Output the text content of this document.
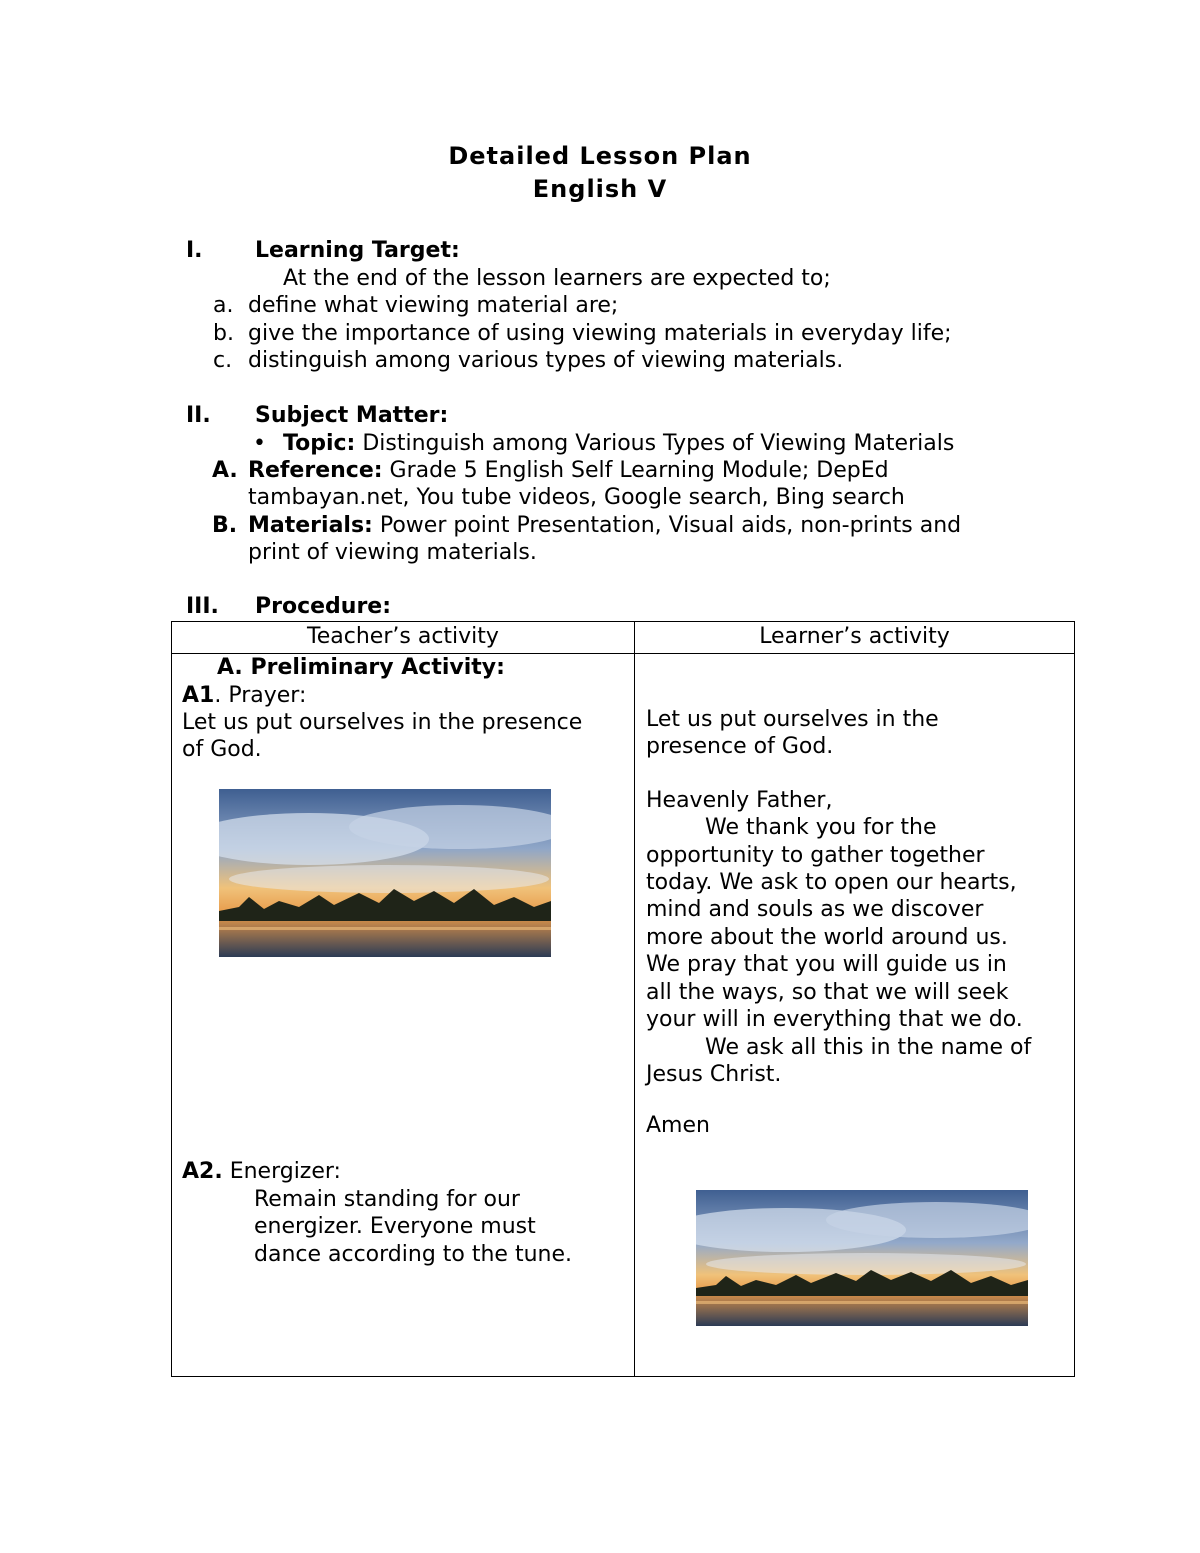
Detailed Lesson Plan

English V

I. Learning Target:

At the end of the lesson learners are expected to;

a. define what viewing material are;

b. give the importance of using viewing materials in everyday life;

c. distinguish among various types of viewing materials.

II. Subject Matter:

• Topic: Distinguish among Various Types of Viewing Materials

A. Reference: Grade 5 English Self Learning Module; DepEd

tambayan.net, You tube videos, Google search, Bing search

B. Materials: Power point Presentation, Visual aids, non-prints and

print of viewing materials.

III. Procedure:

Teacher’s activity	Learner’s activity

A. Preliminary Activity:

A1. Prayer:

Let us put ourselves in the presence

of God.

A2. Energizer:

Remain standing for our

energizer. Everyone must

dance according to the tune.

Let us put ourselves in the

presence of God.

Heavenly Father,

We thank you for the

opportunity to gather together

today. We ask to open our hearts,

mind and souls as we discover

more about the world around us.

We pray that you will guide us in

all the ways, so that we will seek

your will in everything that we do.

We ask all this in the name of

Jesus Christ.

Amen
